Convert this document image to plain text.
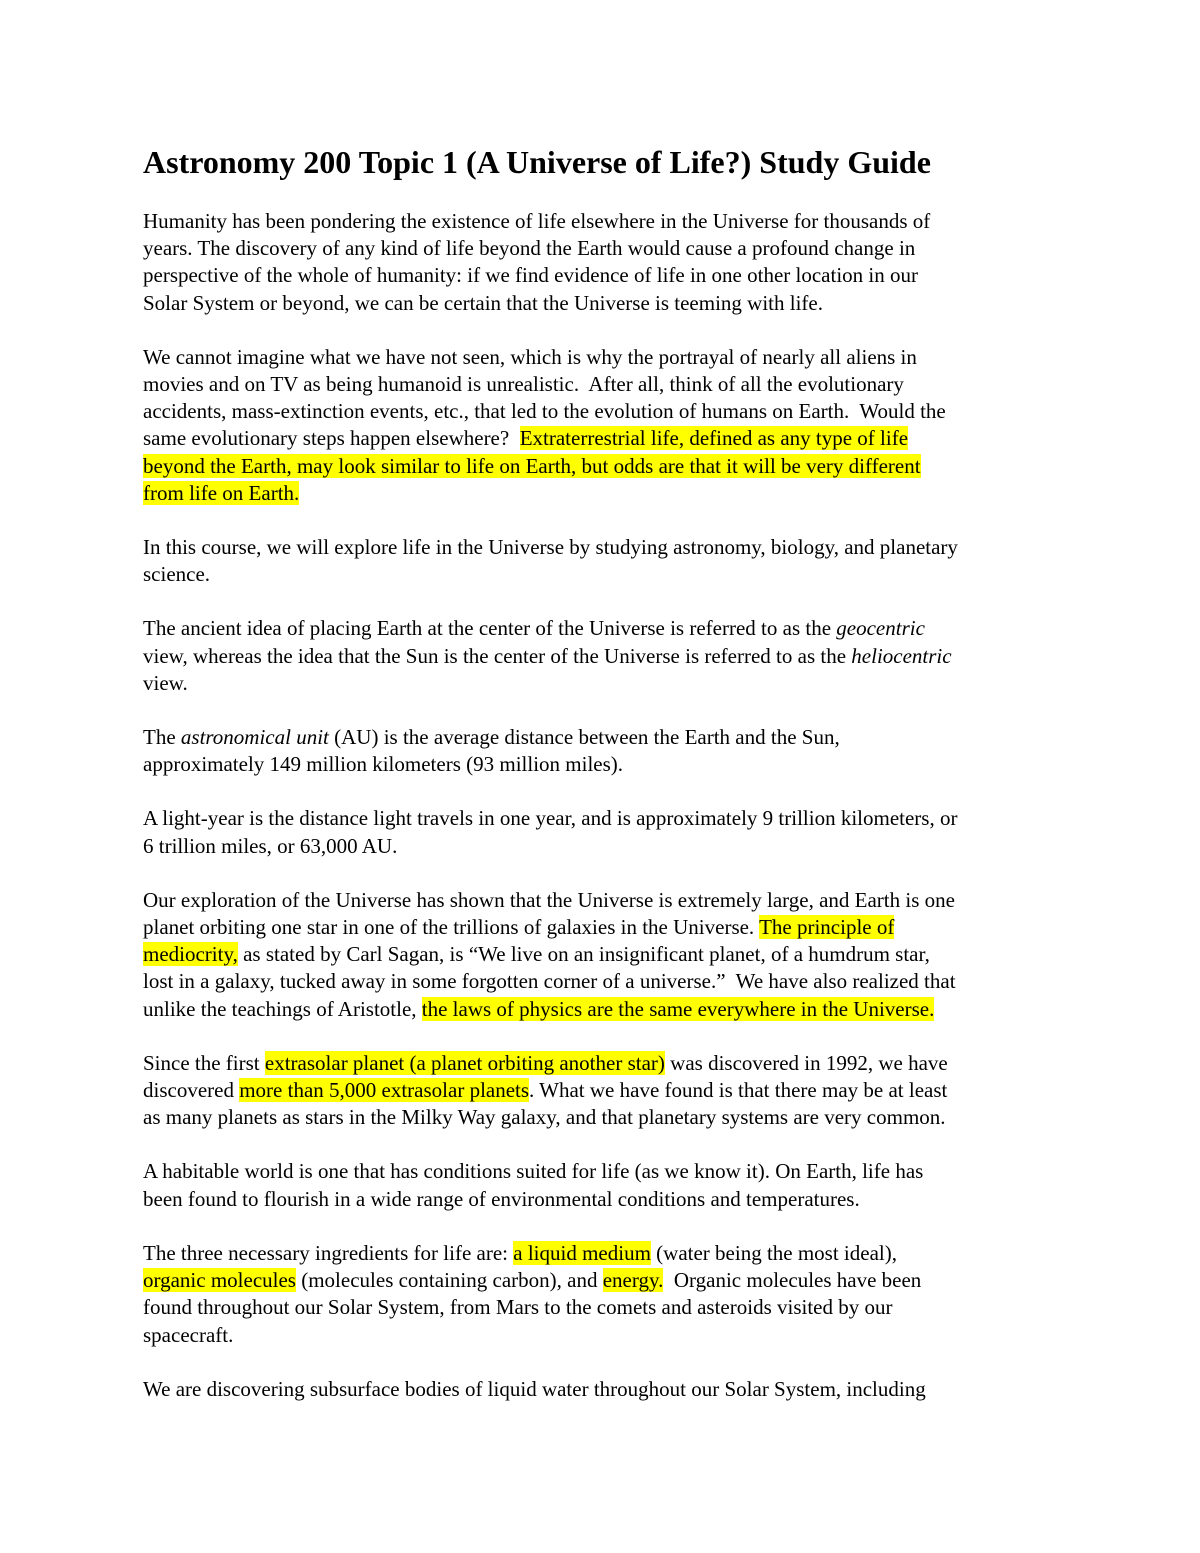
Astronomy 200 Topic 1 (A Universe of Life?) Study Guide

Humanity has been pondering the existence of life elsewhere in the Universe for thousands of
years. The discovery of any kind of life beyond the Earth would cause a profound change in
perspective of the whole of humanity: if we find evidence of life in one other location in our
Solar System or beyond, we can be certain that the Universe is teeming with life.

We cannot imagine what we have not seen, which is why the portrayal of nearly all aliens in
movies and on TV as being humanoid is unrealistic.  After all, think of all the evolutionary
accidents, mass-extinction events, etc., that led to the evolution of humans on Earth.  Would the
same evolutionary steps happen elsewhere?  Extraterrestrial life, defined as any type of life
beyond the Earth, may look similar to life on Earth, but odds are that it will be very different
from life on Earth.

In this course, we will explore life in the Universe by studying astronomy, biology, and planetary
science.

The ancient idea of placing Earth at the center of the Universe is referred to as the geocentric
view, whereas the idea that the Sun is the center of the Universe is referred to as the heliocentric
view.

The astronomical unit (AU) is the average distance between the Earth and the Sun,
approximately 149 million kilometers (93 million miles).

A light-year is the distance light travels in one year, and is approximately 9 trillion kilometers, or
6 trillion miles, or 63,000 AU.

Our exploration of the Universe has shown that the Universe is extremely large, and Earth is one
planet orbiting one star in one of the trillions of galaxies in the Universe. The principle of
mediocrity, as stated by Carl Sagan, is “We live on an insignificant planet, of a humdrum star,
lost in a galaxy, tucked away in some forgotten corner of a universe.”  We have also realized that
unlike the teachings of Aristotle, the laws of physics are the same everywhere in the Universe.

Since the first extrasolar planet (a planet orbiting another star) was discovered in 1992, we have
discovered more than 5,000 extrasolar planets. What we have found is that there may be at least
as many planets as stars in the Milky Way galaxy, and that planetary systems are very common.

A habitable world is one that has conditions suited for life (as we know it). On Earth, life has
been found to flourish in a wide range of environmental conditions and temperatures.

The three necessary ingredients for life are: a liquid medium (water being the most ideal),
organic molecules (molecules containing carbon), and energy.  Organic molecules have been
found throughout our Solar System, from Mars to the comets and asteroids visited by our
spacecraft.

We are discovering subsurface bodies of liquid water throughout our Solar System, including
